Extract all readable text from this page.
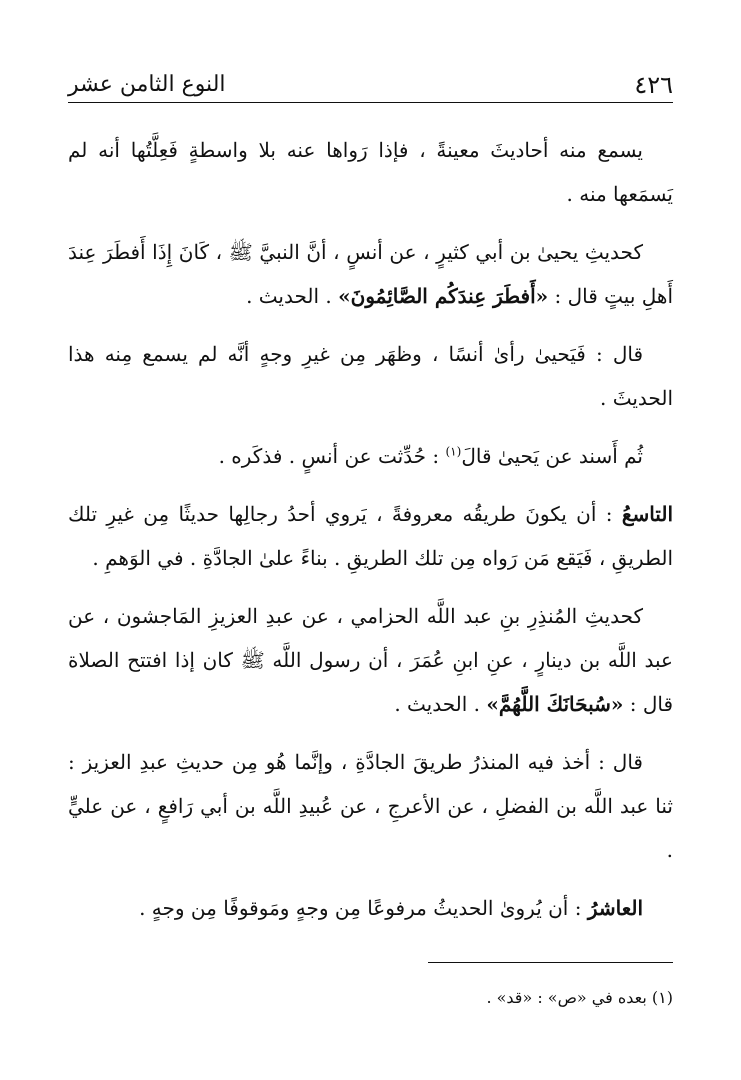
٤٢٦
النوع الثامن عشر

يسمع منه أحاديثَ معينةً ، فإذا رَواها عنه بلا واسطةٍ فَعِلَّتُها أنه لم يَسمَعها منه .

كحديثِ يحيىٰ بن أبي كثيرٍ ، عن أنسٍ ، أنَّ النبيَّ ﷺ ، كَانَ إِذَا أَفطَرَ عِندَ أَهلِ بيتٍ قال : «أَفطَرَ عِندَكُم الصَّائِمُونَ» . الحديث .

قال : فَيَحيىٰ رأىٰ أنسًا ، وظهَر مِن غيرِ وجهٍ أنَّه لم يسمع مِنه هذا الحديثَ .

ثُم أَسند عن يَحيىٰ قالَ$^{(١)}$ : حُدِّثت عن أنسٍ . فذكَره .

التاسعُ : أن يكونَ طريقُه معروفةً ، يَروي أحدُ رجالِها حديثًا مِن غيرِ تلك الطريقِ ، فَيَقع مَن رَواه مِن تلك الطريقِ . بناءً علىٰ الجادَّةِ . في الوَهمِ .

كحديثِ المُنذِرِ بنِ عبد اللَّه الحزامي ، عن عبدِ العزيزِ المَاجشون ، عن عبد اللَّه بن دينارٍ ، عنِ ابنِ عُمَرَ ، أن رسول اللَّه ﷺ كان إذا افتتح الصلاة قال : «سُبحَانَكَ اللَّهُمَّ» . الحديث .

قال : أخذ فيه المنذرُ طريقَ الجادَّةِ ، وإنَّما هُو مِن حديثِ عبدِ العزيز : ثنا عبد اللَّه بن الفضلِ ، عن الأعرجِ ، عن عُبيدِ اللَّه بن أبي رَافعٍ ، عن عليٍّ .

العاشرُ : أن يُروىٰ الحديثُ مرفوعًا مِن وجهٍ ومَوقوفًا مِن وجهٍ .

(١) بعده في «ص» : «قد» .
